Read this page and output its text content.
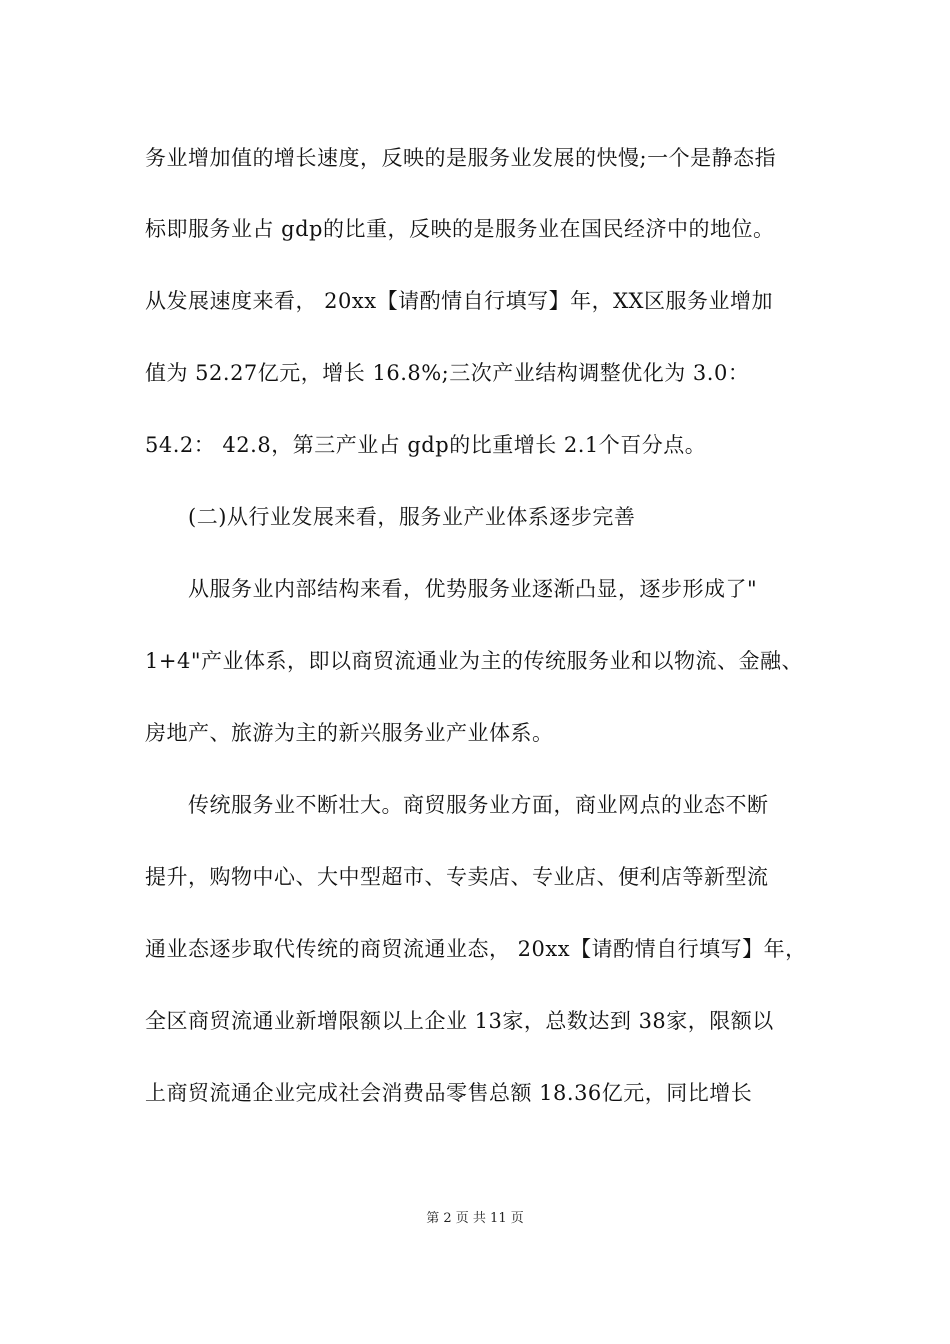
务业增加值的增长速度，反映的是服务业发展的快慢;一个是静态指
标即服务业占 gdp的比重，反映的是服务业在国民经济中的地位。
从发展速度来看， 20xx【请酌情自行填写】年，XX区服务业增加
值为 52.27亿元，增长 16.8%;三次产业结构调整优化为 3.0：
54.2： 42.8，第三产业占 gdp的比重增长 2.1个百分点。
(二)从行业发展来看，服务业产业体系逐步完善
从服务业内部结构来看，优势服务业逐渐凸显，逐步形成了"
1+4"产业体系，即以商贸流通业为主的传统服务业和以物流、金融、
房地产、旅游为主的新兴服务业产业体系。
传统服务业不断壮大。商贸服务业方面，商业网点的业态不断
提升，购物中心、大中型超市、专卖店、专业店、便利店等新型流
通业态逐步取代传统的商贸流通业态， 20xx【请酌情自行填写】年，
全区商贸流通业新增限额以上企业 13家，总数达到 38家，限额以
上商贸流通企业完成社会消费品零售总额 18.36亿元，同比增长
第 2 页 共 11 页
